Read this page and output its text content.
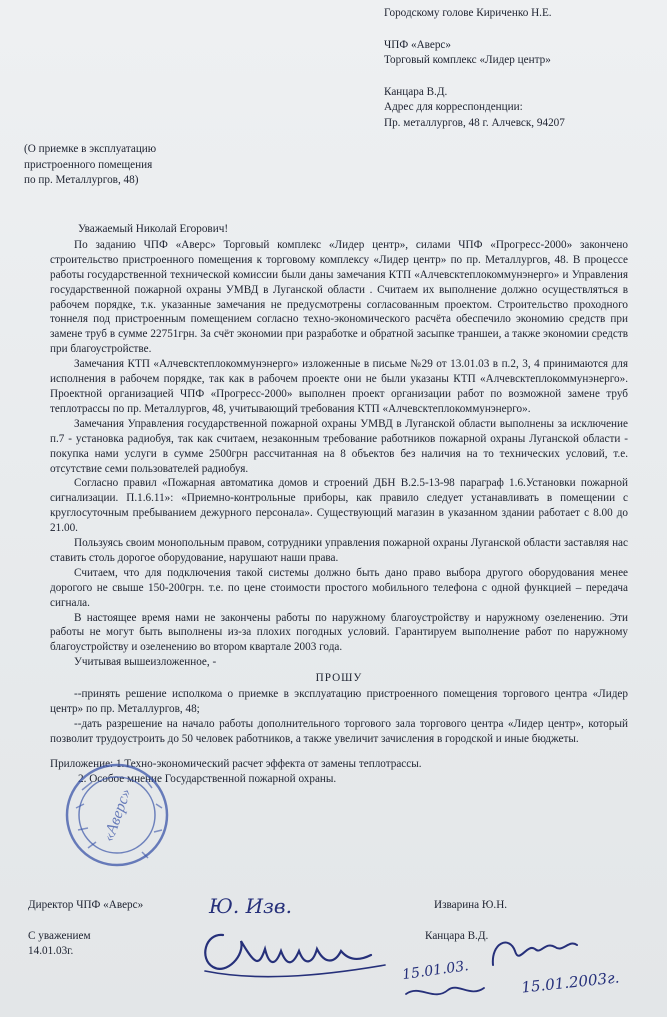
Городскому голове Кириченко Н.Е.
ЧПФ «Аверс»
Торговый комплекс «Лидер центр»
Канцара В.Д.
Адрес для корреспонденции:
Пр. металлургов, 48 г. Алчевск, 94207
(О приемке в эксплуатацию
пристроенного помещения
по пр. Металлургов, 48)

Уважаемый Николай Егорович!

По заданию ЧПФ «Аверс» Торговый комплекс «Лидер центр», силами ЧПФ «Прогресс-2000» закончено строительство пристроенного помещения к торговому комплексу «Лидер центр» по пр. Металлургов, 48. В процессе работы государственной технической комиссии были даны замечания КТП «Алчевсктеплокоммунэнерго» и Управления государственной пожарной охраны УМВД в Луганской области . Считаем их выполнение должно осуществляться в рабочем порядке, т.к. указанные замечания не предусмотрены согласованным проектом. Строительство проходного тоннеля под пристроенным помещением согласно техно-экономического расчёта обеспечило экономию средств при замене труб в сумме 22751грн. За счёт экономии при разработке и обратной засыпке траншеи, а также экономии средств при благоустройстве.

Замечания КТП «Алчевсктеплокоммунэнерго» изложенные в письме №29 от 13.01.03 в п.2, 3, 4 принимаются для исполнения в рабочем порядке, так как в рабочем проекте они не были указаны КТП «Алчевсктеплокоммунэнерго». Проектной организацией ЧПФ «Прогресс-2000» выполнен проект организации работ по возможной замене труб теплотрассы по пр. Металлургов, 48, учитывающий требования КТП «Алчевсктеплокоммунэнерго».

Замечания Управления государственной пожарной охраны УМВД в Луганской области выполнены за исключение п.7 - установка радиобуя, так как считаем, незаконным требование работников пожарной охраны Луганской области - покупка нами услуги в сумме 2500грн рассчитанная на 8 объектов без наличия на то технических условий, т.е. отсутствие семи пользователей радиобуя.

Согласно правил «Пожарная автоматика домов и строений ДБН В.2.5-13-98 параграф 1.6.Установки пожарной сигнализации. П.1.6.11»: «Приемно-контрольные приборы, как правило следует устанавливать в помещении с круглосуточным пребыванием дежурного персонала». Существующий магазин в указанном здании работает с 8.00 до 21.00.

Пользуясь своим монопольным правом, сотрудники управления пожарной охраны Луганской области заставляя нас ставить столь дорогое оборудование, нарушают наши права.

Считаем, что для подключения такой системы должно быть дано право выбора другого оборудования менее дорогого не свыше 150-200грн. т.е. по цене стоимости простого мобильного телефона с одной функцией – передача сигнала.

В настоящее время нами не закончены работы по наружному благоустройству и наружному озеленению. Эти работы не могут быть выполнены из-за плохих погодных условий. Гарантируем выполнение работ по наружному благоустройству и озеленению во втором квартале 2003 года.

Учитывая вышеизложенное, -

ПРОШУ

--принять решение исполкома о приемке в эксплуатацию пристроенного помещения торгового центра «Лидер центр» по пр. Металлургов, 48;

--дать разрешение на начало работы дополнительного торгового зала торгового центра «Лидер центр», который позволит трудоустроить до 50 человек работников, а также увеличит зачисления в городской и иные бюджеты.

Приложение: 1.Техно-экономический расчет эффекта от замены теплотрассы.
2. Особое мнение Государственной пожарной охраны.

Директор ЧПФ «Аверс»	Изварина Ю.Н.
С уважением
14.01.03г.
Канцара В.Д.
«Аверс»
Ю. Изв.
15.01.03.	15.01.2003г.
